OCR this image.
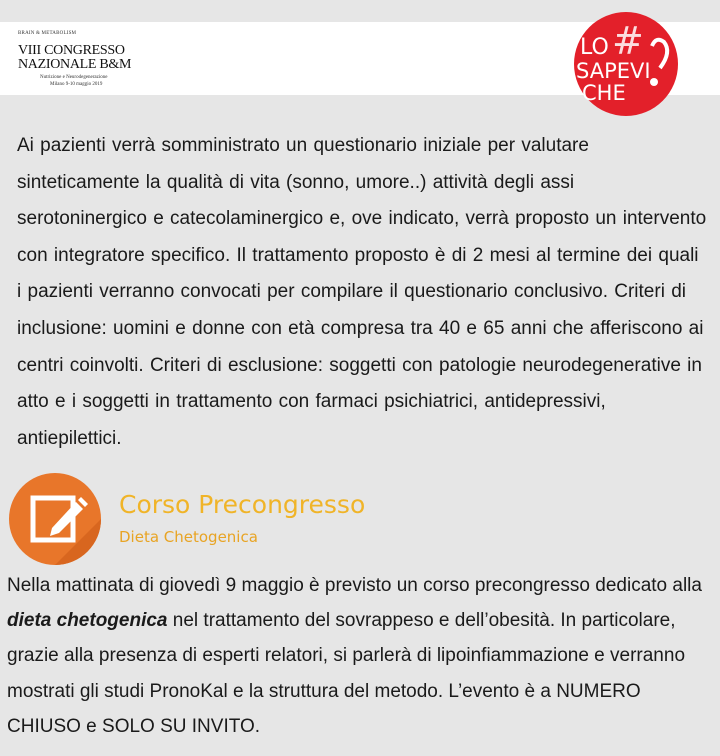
BRAIN & METABOLISM
VIII CONGRESSO
NAZIONALE B&M
Nutrizione e Neurodegenerazione
Milano 9-10 maggio 2019
LO #
SAPEVI
CHE

Ai pazienti verrà somministrato un questionario iniziale per valutare sinteticamente la qualità di vita (sonno, umore..) attività degli assi serotoninergico e catecolaminergico e, ove indicato, verrà proposto un intervento con integratore specifico. Il trattamento proposto è di 2 mesi al termine dei quali i pazienti verranno convocati per compilare il questionario conclusivo. Criteri di inclusione: uomini e donne con età compresa tra 40 e 65 anni che afferiscono ai centri coinvolti. Criteri di esclusione: soggetti con patologie neurodegenerative in atto e i soggetti in trattamento con farmaci psichiatrici, antidepressivi, antiepilettici.

Corso Precongresso
Dieta Chetogenica

Nella mattinata di giovedì 9 maggio è previsto un corso precongresso dedicato alla dieta chetogenica nel trattamento del sovrappeso e dell’obesità. In particolare, grazie alla presenza di esperti relatori, si parlerà di lipoinfiammazione e verranno mostrati gli studi PronoKal e la struttura del metodo. L’evento è a NUMERO CHIUSO e SOLO SU INVITO.
